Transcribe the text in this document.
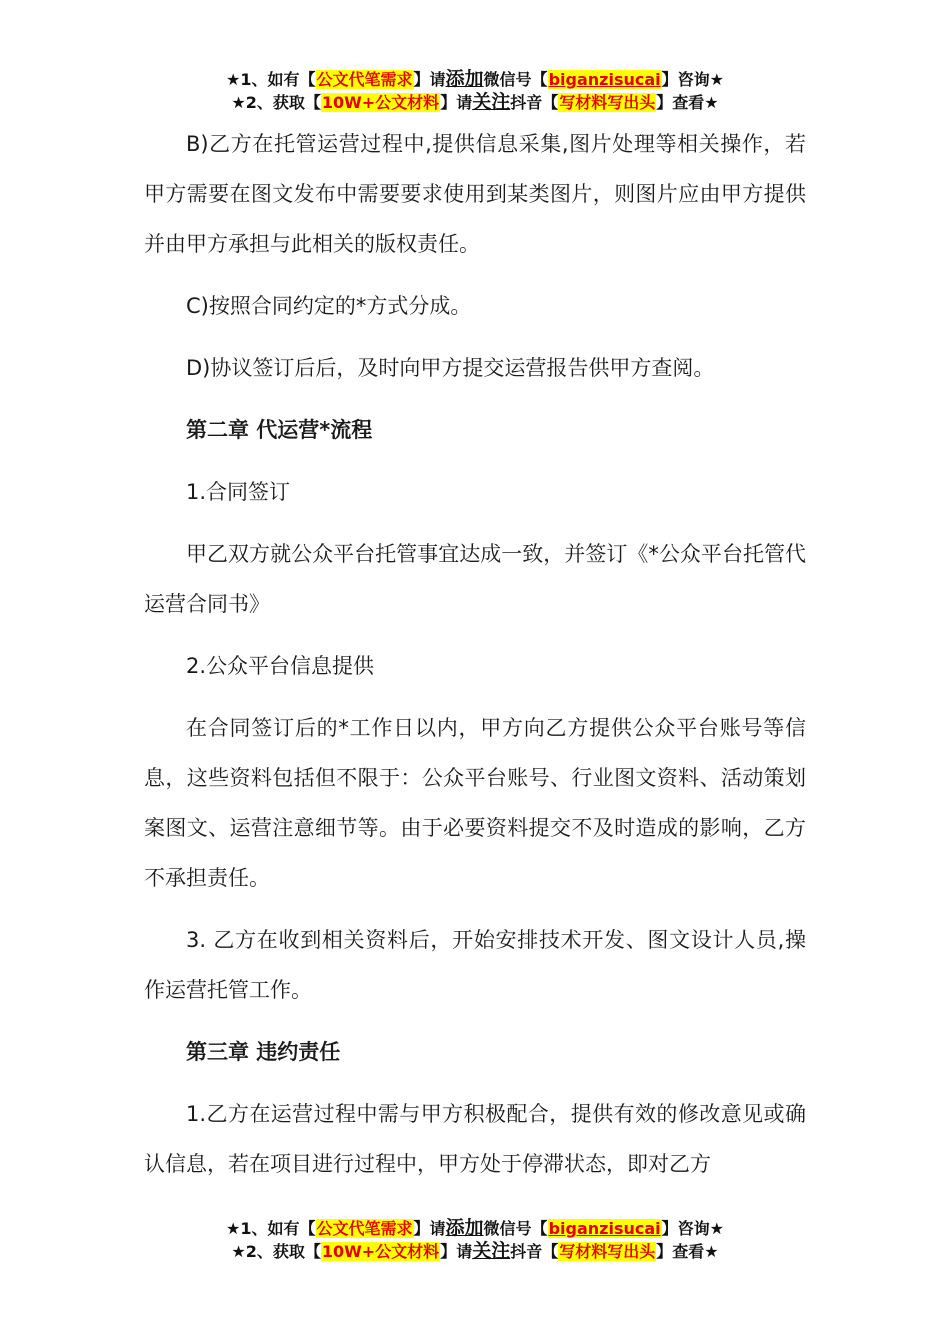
★1、如有【公文代笔需求】请添加微信号【biganzisucai】咨询★
★2、获取【10W+公文材料】请关注抖音【写材料写出头】查看★

B)乙方在托管运营过程中,提供信息采集,图片处理等相关操作，若甲方需要在图文发布中需要要求使用到某类图片，则图片应由甲方提供并由甲方承担与此相关的版权责任。

C)按照合同约定的*方式分成。

D)协议签订后后，及时向甲方提交运营报告供甲方查阅。

第二章 代运营*流程

1.合同签订

甲乙双方就公众平台托管事宜达成一致，并签订《*公众平台托管代运营合同书》

2.公众平台信息提供

在合同签订后的*工作日以内，甲方向乙方提供公众平台账号等信息，这些资料包括但不限于：公众平台账号、行业图文资料、活动策划案图文、运营注意细节等。由于必要资料提交不及时造成的影响，乙方不承担责任。

3. 乙方在收到相关资料后，开始安排技术开发、图文设计人员,操作运营托管工作。

第三章 违约责任

1.乙方在运营过程中需与甲方积极配合，提供有效的修改意见或确认信息，若在项目进行过程中，甲方处于停滞状态，即对乙方

★1、如有【公文代笔需求】请添加微信号【biganzisucai】咨询★
★2、获取【10W+公文材料】请关注抖音【写材料写出头】查看★
